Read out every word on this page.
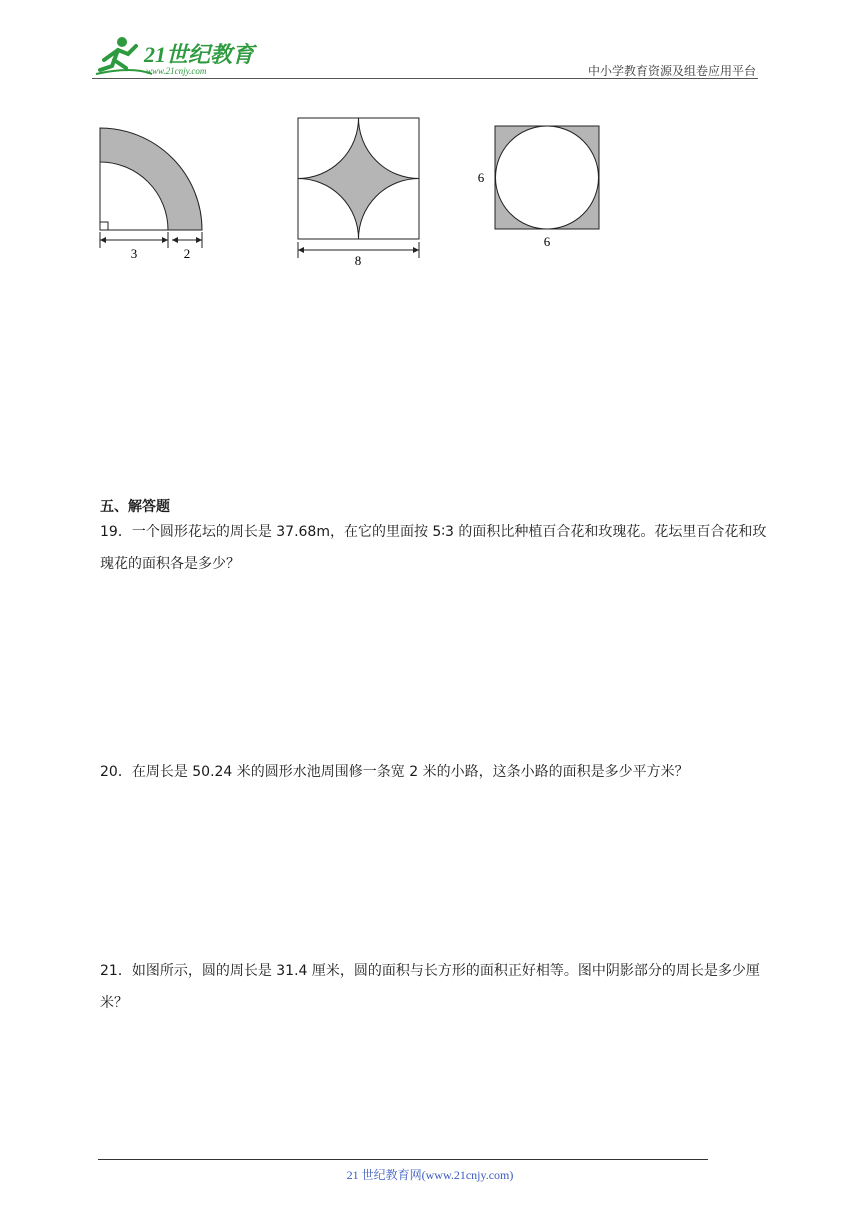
21世纪教育
www.21cnjy.com	中小学教育资源及组卷应用平台
3	2	8
6
6
五、解答题
19．一个圆形花坛的周长是 37.68m，在它的里面按 5∶3 的面积比种植百合花和玫瑰花。花坛里百合花和玫瑰花的面积各是多少？
20．在周长是 50.24 米的圆形水池周围修一条宽 2 米的小路，这条小路的面积是多少平方米？
21．如图所示，圆的周长是 31.4 厘米，圆的面积与长方形的面积正好相等。图中阴影部分的周长是多少厘米？
21 世纪教育网(www.21cnjy.com)
